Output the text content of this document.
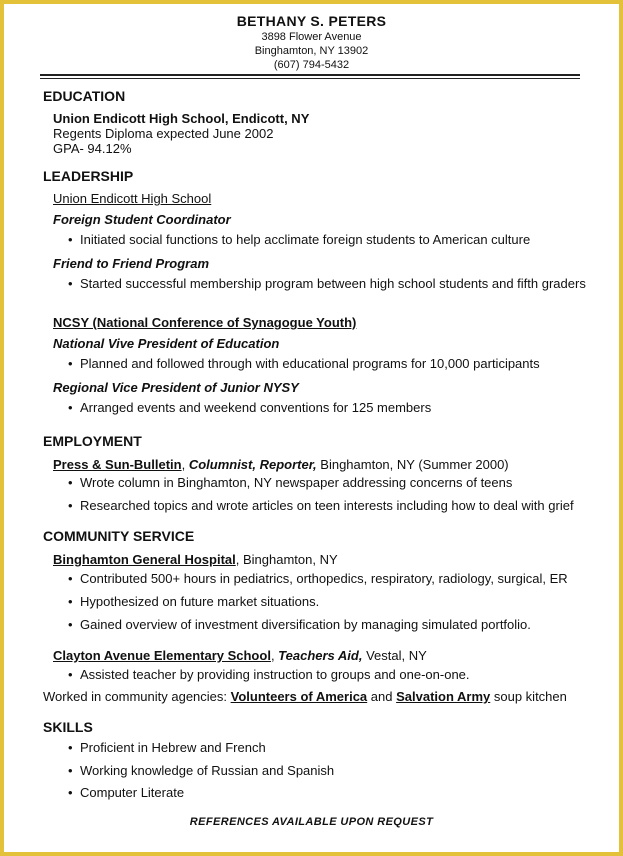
BETHANY S. PETERS
3898 Flower Avenue
Binghamton, NY 13902
(607) 794-5432
EDUCATION
Union Endicott High School, Endicott, NY
Regents Diploma expected June 2002
GPA- 94.12%
LEADERSHIP
Union Endicott High School
Foreign Student Coordinator
• Initiated social functions to help acclimate foreign students to American culture
Friend to Friend Program
• Started successful membership program between high school students and fifth graders
NCSY (National Conference of Synagogue Youth)
National Vive President of Education
• Planned and followed through with educational programs for 10,000 participants
Regional Vice President of Junior NYSY
• Arranged events and weekend conventions for 125 members
EMPLOYMENT
Press & Sun-Bulletin, Columnist, Reporter, Binghamton, NY (Summer 2000)
• Wrote column in Binghamton, NY newspaper addressing concerns of teens
• Researched topics and wrote articles on teen interests including how to deal with grief
COMMUNITY SERVICE
Binghamton General Hospital, Binghamton, NY
• Contributed 500+ hours in pediatrics, orthopedics, respiratory, radiology, surgical, ER
• Hypothesized on future market situations.
• Gained overview of investment diversification by managing simulated portfolio.
Clayton Avenue Elementary School, Teachers Aid, Vestal, NY
• Assisted teacher by providing instruction to groups and one-on-one.
Worked in community agencies: Volunteers of America and Salvation Army soup kitchen
SKILLS
• Proficient in Hebrew and French
• Working knowledge of Russian and Spanish
• Computer Literate
REFERENCES AVAILABLE UPON REQUEST
